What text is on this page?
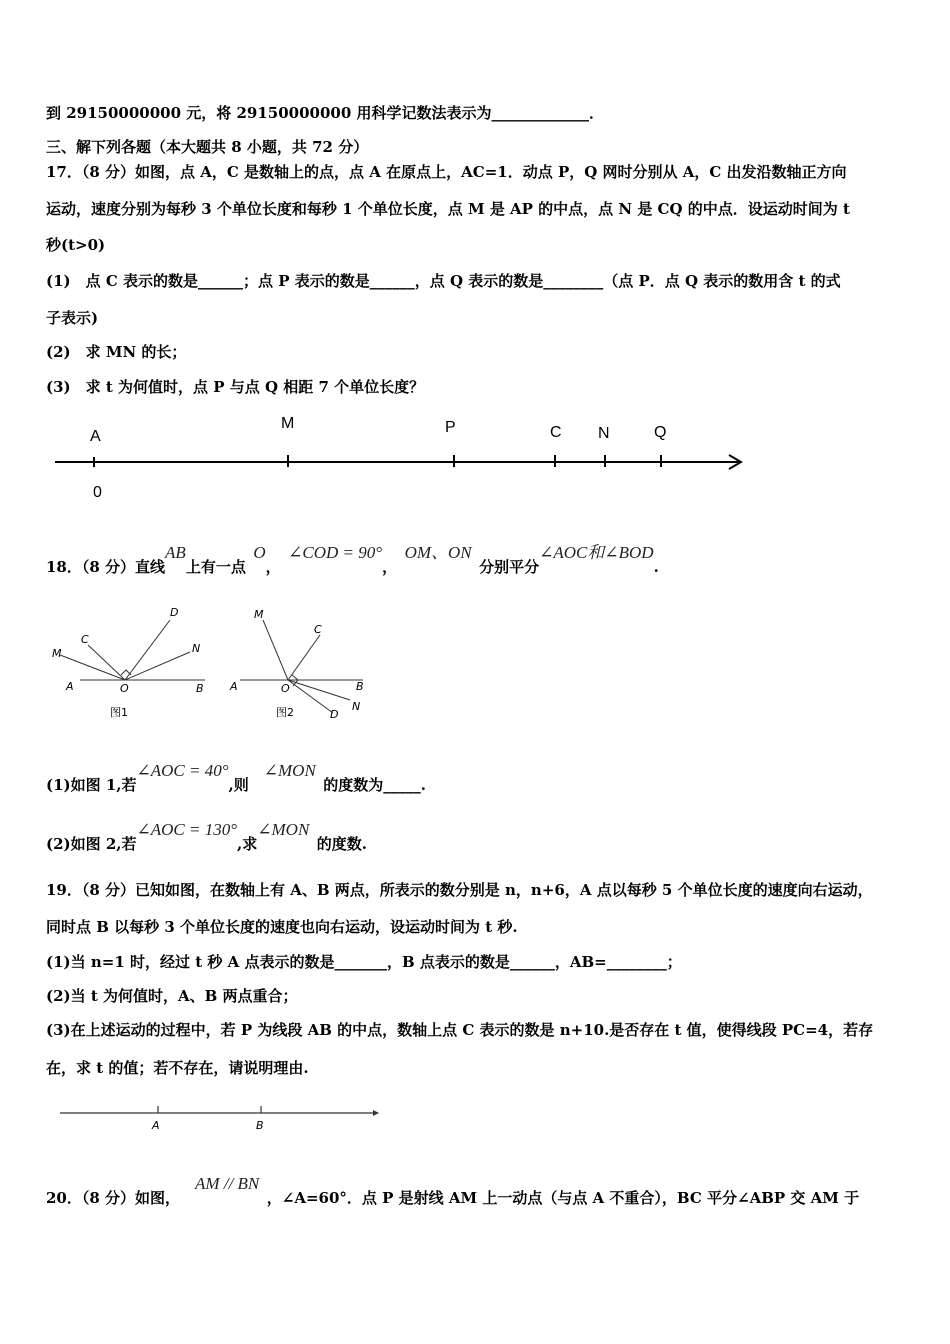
到 29150000000 元，将 29150000000 用科学记数法表示为_____________．
三、解下列各题（本大题共 8 小题，共 72 分）
17．（8 分）如图，点 A，C 是数轴上的点，点 A 在原点上，AC=1．动点 P，Q 网时分别从 A，C 出发沿数轴正方向
运动，速度分别为每秒 3 个单位长度和每秒 1 个单位长度，点 M 是 AP 的中点，点 N 是 CQ 的中点．设运动时间为 t
秒(t>0)
(1)　点 C 表示的数是______；点 P 表示的数是______，点 Q 表示的数是________（点 P．点 Q 表示的数用含 t 的式
子表示)
(2)　求 MN 的长；
(3)　求 t 为何值时，点 P 与点 Q 相距 7 个单位长度？
A
M	P	C N	Q
0
18．（8 分）直线AB上有一点 O， ∠COD = 90°， OM、ON 分别平分∠AOC和∠BOD.
D
C
M	N
A	O	B
图1
M
C
A	O	B
D
N
图2
(1)如图 1,若∠AOC = 40°,则 ∠MON 的度数为_____.
(2)如图 2,若∠AOC = 130°,求∠MON 的度数.
19．（8 分）已知如图，在数轴上有 A、B 两点，所表示的数分别是 n，n+6，A 点以每秒 5 个单位长度的速度向右运动，
同时点 B 以每秒 3 个单位长度的速度也向右运动，设运动时间为 t 秒.
(1)当 n=1 时，经过 t 秒 A 点表示的数是_______，B 点表示的数是______，AB=________；
(2)当 t 为何值时，A、B 两点重合；
(3)在上述运动的过程中，若 P 为线段 AB 的中点，数轴上点 C 表示的数是 n+10.是否存在 t 值，使得线段 PC=4，若存
在，求 t 的值；若不存在，请说明理由.
A	B
20．（8 分）如图， AM // BN ，∠A=60°．点 P 是射线 AM 上一动点（与点 A 不重合），BC 平分∠ABP 交 AM 于
